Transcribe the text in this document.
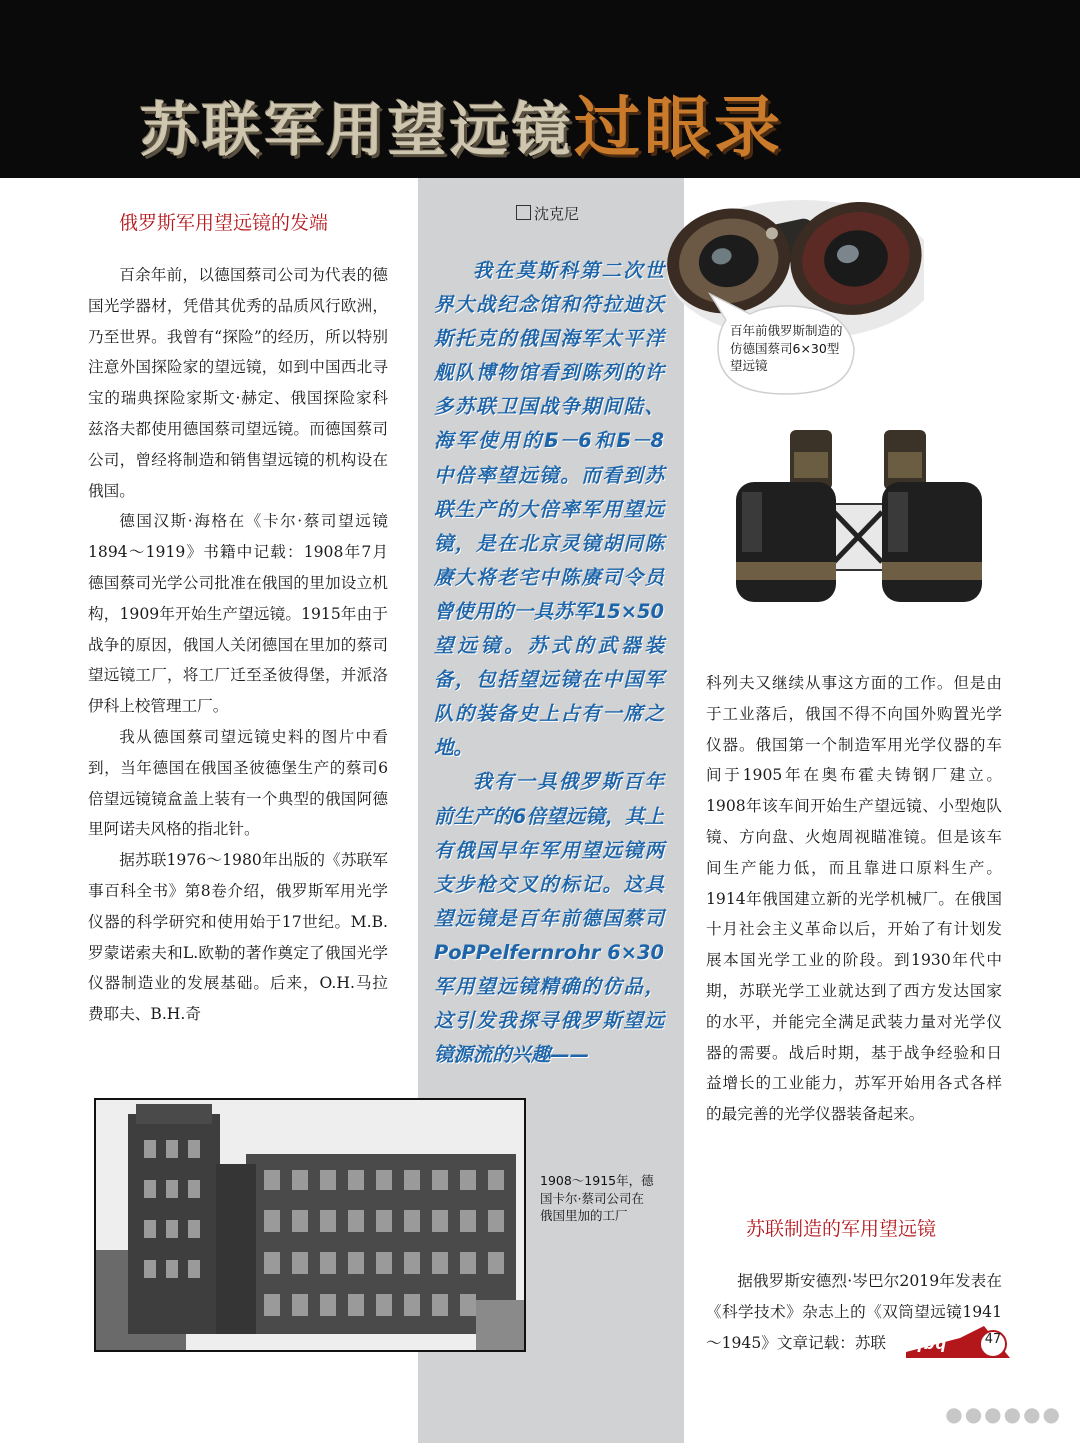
苏联军用望远镜过眼录
俄罗斯军用望远镜的发端

百余年前，以德国蔡司公司为代表的德国光学器材，凭借其优秀的品质风行欧洲，乃至世界。我曾有“探险”的经历，所以特别注意外国探险家的望远镜，如到中国西北寻宝的瑞典探险家斯文·赫定、俄国探险家科兹洛夫都使用德国蔡司望远镜。而德国蔡司公司，曾经将制造和销售望远镜的机构设在俄国。

德国汉斯·海格在《卡尔·蔡司望远镜1894～1919》书籍中记载：1908年7月德国蔡司光学公司批准在俄国的里加设立机构，1909年开始生产望远镜。1915年由于战争的原因，俄国人关闭德国在里加的蔡司望远镜工厂，将工厂迁至圣彼得堡，并派洛伊科上校管理工厂。

我从德国蔡司望远镜史料的图片中看到，当年德国在俄国圣彼德堡生产的蔡司6倍望远镜镜盒盖上装有一个典型的俄国阿德里阿诺夫风格的指北针。

据苏联1976～1980年出版的《苏联军事百科全书》第8卷介绍，俄罗斯军用光学仪器的科学研究和使用始于17世纪。M.B.罗蒙诺索夫和L.欧勒的著作奠定了俄国光学仪器制造业的发展基础。后来，O.H.马拉费耶夫、B.H.奇

沈克尼

我在莫斯科第二次世界大战纪念馆和符拉迪沃斯托克的俄国海军太平洋舰队博物馆看到陈列的许多苏联卫国战争期间陆、海军使用的Б－6和Б－8中倍率望远镜。而看到苏联生产的大倍率军用望远镜，是在北京灵镜胡同陈赓大将老宅中陈赓司令员曾使用的一具苏军15×50望远镜。苏式的武器装备，包括望远镜在中国军队的装备史上占有一席之地。

我有一具俄罗斯百年前生产的6倍望远镜，其上有俄国早年军用望远镜两支步枪交叉的标记。这具望远镜是百年前德国蔡司PoPPelfernrohr 6×30军用望远镜精确的仿品，这引发我探寻俄罗斯望远镜源流的兴趣——

百年前俄罗斯制造的仿德国蔡司6×30型望远镜

科列夫又继续从事这方面的工作。但是由于工业落后，俄国不得不向国外购置光学仪器。俄国第一个制造军用光学仪器的车间于1905年在奥布霍夫铸钢厂建立。1908年该车间开始生产望远镜、小型炮队镜、方向盘、火炮周视瞄准镜。但是该车间生产能力低，而且靠进口原料生产。1914年俄国建立新的光学机械厂。在俄国十月社会主义革命以后，开始了有计划发展本国光学工业的阶段。到1930年代中期，苏联光学工业就达到了西方发达国家的水平，并能完全满足武装力量对光学仪器的需要。战后时期，基于战争经验和日益增长的工业能力，苏军开始用各式各样的最完善的光学仪器装备起来。

苏联制造的军用望远镜

据俄罗斯安德烈·岑巴尔2019年发表在《科学技术》杂志上的《双筒望远镜1941～1945》文章记载：苏联

1908～1915年，德国卡尔·蔡司公司在俄国里加的工厂
qbq	47
●●●●●●
